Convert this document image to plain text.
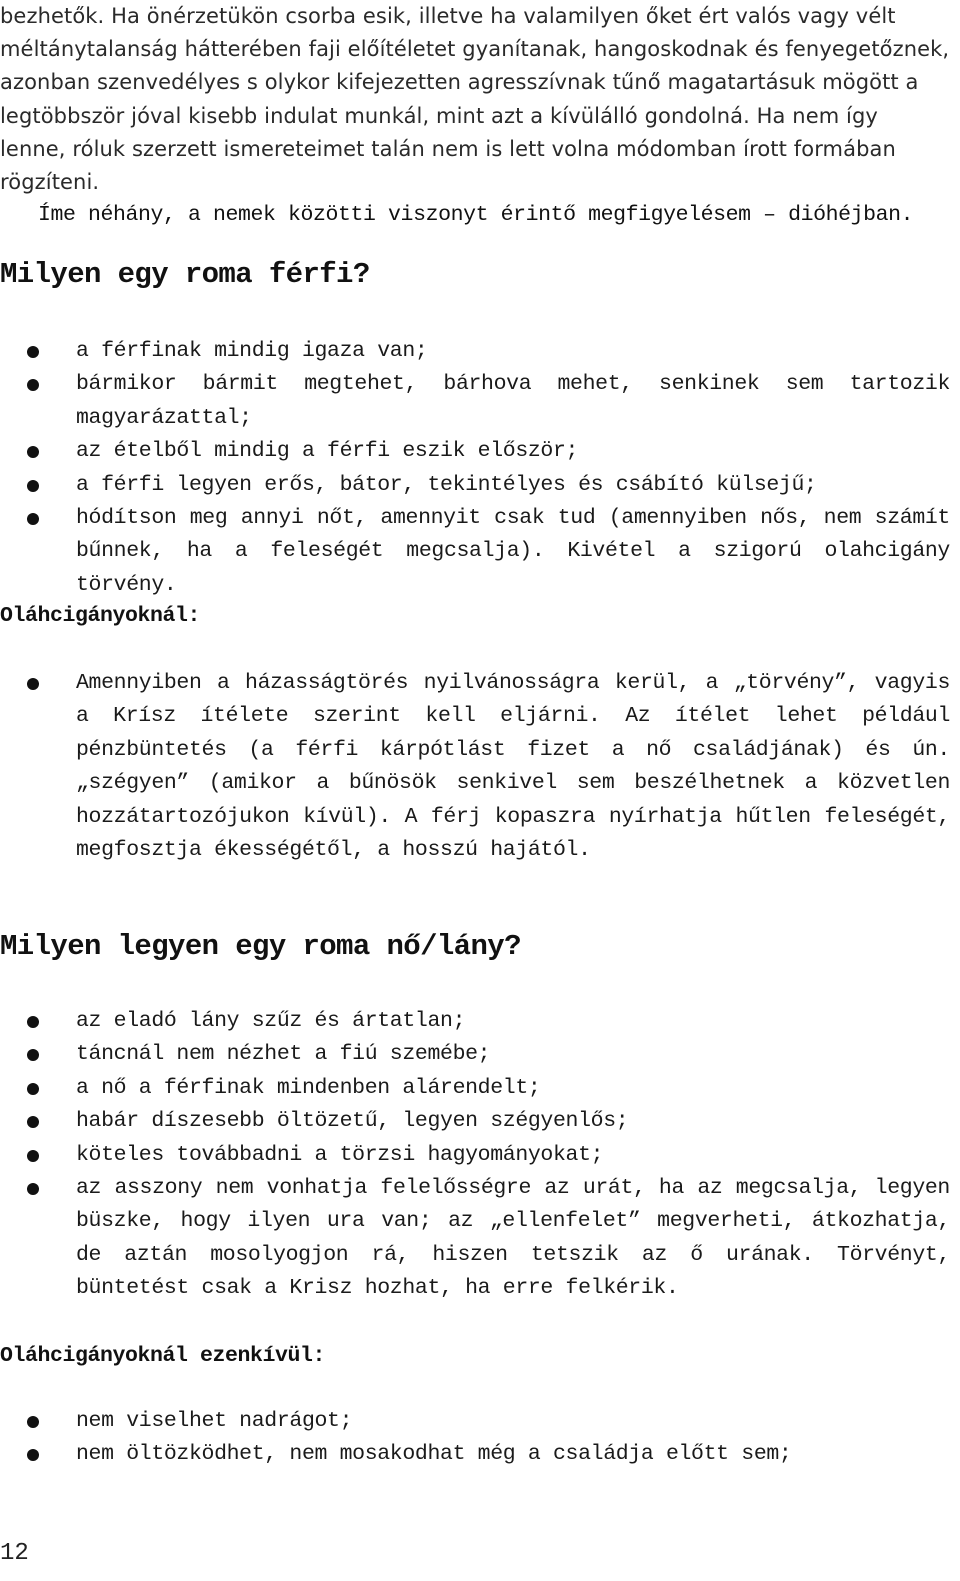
bezhetők. Ha önérzetükön csorba esik, illetve ha valamilyen őket ért valós vagy vélt méltánytalanság hátterében faji előítéletet gyanítanak, hangoskodnak és fenyegetőznek, azonban szenvedélyes s olykor kifejezetten agresszívnak tűnő magatartásuk mögött a legtöbbször jóval kisebb indulat munkál, mint azt a kívülálló gondolná. Ha nem így lenne, róluk szerzett ismereteimet talán nem is lett volna módomban írott formában rögzíteni.

Íme néhány, a nemek közötti viszonyt érintő megfigyelésem – dióhéjban.

Milyen egy roma férfi?
a férfinak mindig igaza van;
bármikor bármit megtehet, bárhova mehet, senkinek sem tartozik magyarázattal;
az ételből mindig a férfi eszik először;
a férfi legyen erős, bátor, tekintélyes és csábító külsejű;
hódítson meg annyi nőt, amennyit csak tud (amennyiben nős, nem számít bűnnek, ha a feleségét megcsalja). Kivétel a szigorú olahcigány törvény.
Oláhcigányoknál:
Amennyiben a házasságtörés nyilvánosságra kerül, a „törvény”, vagyis a Krísz ítélete szerint kell eljárni. Az ítélet lehet például pénzbüntetés (a férfi kárpótlást fizet a nő családjának) és ún. „szégyen” (amikor a bűnösök senkivel sem beszélhetnek a közvetlen hozzátartozójukon kívül). A férj kopaszra nyírhatja hűtlen feleségét, megfosztja ékességétől, a hosszú hajától.
Milyen legyen egy roma nő/lány?
az eladó lány szűz és ártatlan;
táncnál nem nézhet a fiú szemébe;
a nő a férfinak mindenben alárendelt;
habár díszesebb öltözetű, legyen szégyenlős;
köteles továbbadni a törzsi hagyományokat;
az asszony nem vonhatja felelősségre az urát, ha az megcsalja, legyen büszke, hogy ilyen ura van; az „ellenfelet” megverheti, átkozhatja, de aztán mosolyogjon rá, hiszen tetszik az ő urának. Törvényt, büntetést csak a Krisz hozhat, ha erre felkérik.
Oláhcigányoknál ezenkívül:
nem viselhet nadrágot;
nem öltözködhet, nem mosakodhat még a családja előtt sem;
12
